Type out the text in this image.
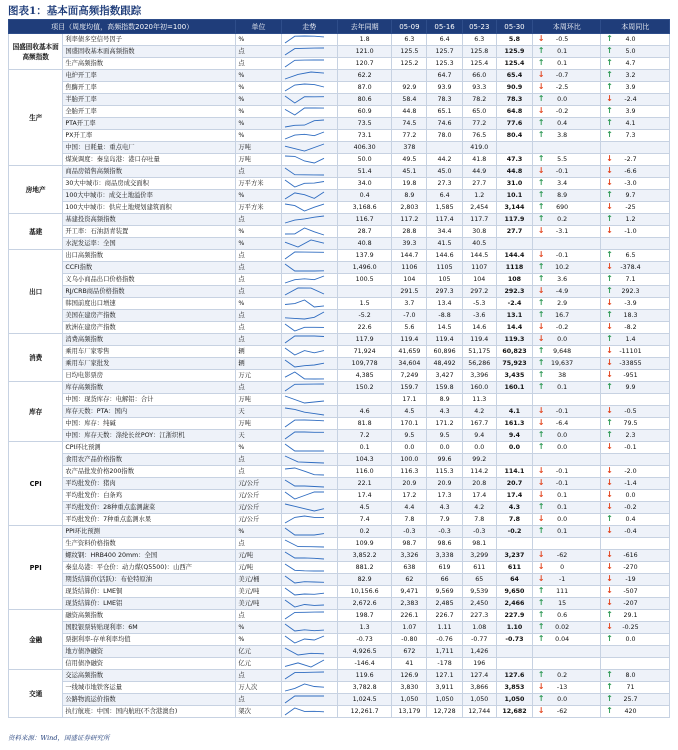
图表1：基本面高频指数跟踪
项目（周度均值，高频指数2020年初=100）		单位	走势	去年同期	05-09	05-16	05-23	05-30	本周环比	本周同比
国盛固收基本面
高频指数	利率债多空信号因子	%		1.8	6.3	6.4	6.3	5.8	↓ -0.5	↑ 4.0
	国盛固收基本面高频指数	点		121.0	125.5	125.7	125.8	125.9	↑ 0.1	↑ 5.0
	生产高频指数	点		120.7	125.2	125.3	125.4	125.4	↑ 0.1	↑ 4.7
生产	电炉开工率	%		62.2		64.7	66.0	65.4	↓ -0.7	↑ 3.2
	焦酶开工率	%		87.0	92.9	93.9	93.3	90.9	↓ -2.5	↑ 3.9
	半胎开工率	%		80.6	58.4	78.3	78.2	78.3	↑ 0.0	↓ -2.4
	全胎开工率	%		60.9	44.8	65.1	65.0	64.8	↓ -0.2	↑ 3.9
	PTA开工率	%		73.5	74.5	74.6	77.2	77.6	↑ 0.4	↑ 4.1
	PX开工率	%		73.1	77.2	78.0	76.5	80.4	↑ 3.8	↑ 7.3
	中国：日耗量：重点电厂	万吨		406.30	378		419.0			
	煤炭调度：秦皇岛港：港口存吐量	万吨		50.0	49.5	44.2	41.8	47.3	↑ 5.5	↓ -2.7
房地产	商品房销售高频指数	点		51.4	45.1	45.0	44.9	44.8	↓ -0.1	↓ -6.6
	30大中城市：商品房成交面积	万平方米		34.0	19.8	27.3	27.7	31.0	↑ 3.4	↓ -3.0
	100大中城市：成交土地溢价率	%		0.4	8.9	6.4	1.2	10.1	↑ 8.9	↑ 9.7
	100大中城市：供应土地规划建筑面积	万平方米		3,168.6	2,803	1,585	2,454	3,144	↑ 690	↓ -25
基建	基建投资高频指数	点		116.7	117.2	117.4	117.7	117.9	↑ 0.2	↑ 1.2
	开工率：石油沥青装置	%		28.7	28.8	34.4	30.8	27.7	↓ -3.1	↓ -1.0
	水泥发运率：全国	%		40.8	39.3	41.5	40.5			
出口	出口高频指数	点		137.9	144.7	144.6	144.5	144.4	↓ -0.1	↑ 6.5
	CCFI指数	点		1,496.0	1106	1105	1107	1118	↑ 10.2	↓ -378.4
	义乌小商品出口价格指数	点		100.5	104	105	104	108	↑ 3.6	↑ 7.1
	RJ/CRB商品价格指数	点			291.5	297.3	297.2	292.3	↓ -4.9	↑ 292.3
	韩国前度出口增速	%		1.5	3.7	13.4	-5.3	-2.4	↑ 2.9	↓ -3.9
	美国在建房产指数	点		-5.2	-7.0	-8.8	-3.6	13.1	↑ 16.7	↑ 18.3
	欧洲在建房产指数	点		22.6	5.6	14.5	14.6	14.4	↓ -0.2	↓ -8.2
消费	消费高频指数	点		117.9	119.4	119.4	119.4	119.3	↓ 0.0	↑ 1.4
	乘用车厂家零售	辆		71,924	41,659	60,896	51,175	60,823	↑ 9,648	↓ -11101
	乘用车厂家批发	辆		109,778	34,604	48,492	56,286	75,923	↑ 19,637	↓ -33855
	日均电影票房	万元		4,385	7,249	3,427	3,396	3,435	↑ 38	↓ -951
库存	库存高频指数	点		150.2	159.7	159.8	160.0	160.1	↑ 0.1	↑ 9.9
	中国：现货库存：电解铝：合计	万吨			17.1	8.9	11.3			
	库存天数：PTA：国内	天		4.6	4.5	4.3	4.2	4.1	↓ -0.1	↓ -0.5
	中国：库存：纯碱	万吨		81.8	170.1	171.2	167.7	161.3	↓ -6.4	↑ 79.5
	中国：库存天数：涤纶长丝POY：江浙织机	天		7.2	9.5	9.5	9.4	9.4	↑ 0.0	↑ 2.3
CPI	CPI环比预测	%		0.1	0.0	0.0	0.0	0.0	↑ 0.0	↓ -0.1
	食用农产品价格指数	点		104.3	100.0	99.6	99.2			
	农产品批发价格200指数	点		116.0	116.3	115.3	114.2	114.1	↓ -0.1	↓ -2.0
	平均批发价：猪肉	元/公斤		22.1	20.9	20.9	20.8	20.7	↓ -0.1	↓ -1.4
	平均批发价：白条鸡	元/公斤		17.4	17.2	17.3	17.4	17.4	↓ 0.1	↓ 0.0
	平均批发价：28种重点监测蔬菜	元/公斤		4.5	4.4	4.3	4.2	4.3	↑ 0.1	↓ -0.2
	平均批发价：7种重点监测水果	元/公斤		7.4	7.8	7.9	7.8	7.8	↓ 0.0	↑ 0.4
PPI	PPI环比预测	%		0.2	-0.3	-0.3	-0.3	-0.2	↑ 0.1	↓ -0.4
	生产资料价格指数	点		109.9	98.7	98.6	98.1			
	螺纹钢：HRB400 20mm：全国	元/吨		3,852.2	3,326	3,338	3,299	3,237	↓ -62	↓ -616
	秦皇岛港：平仓价：动力煤(Q5500)：山西产	元/吨		881.2	638	619	611	611	↓ 0	↓ -270
	期货结算价(活跃)：布伦特原油	美元/桶		82.9	62	66	65	64	↓ -1	↓ -19
	现货结算价：LME铜	美元/吨		10,156.6	9,471	9,569	9,539	9,650	↑ 111	↓ -507
	现货结算价：LME铝	美元/吨		2,672.6	2,383	2,485	2,450	2,466	↑ 15	↓ -207
金融	融资高频指数	点		198.7	226.1	226.7	227.3	227.9	↑ 0.6	↑ 29.1
	国股银票转贴现利率：6M	%		1.3	1.07	1.11	1.08	1.10	↑ 0.02	↓ -0.25
	票据利率-存单利率均值	%		-0.73	-0.80	-0.76	-0.77	-0.73	↑ 0.04	↑ 0.0
	地方债净融资	亿元		4,926.5	672	1,711	1,426			
	信用债净融资	亿元		-146.4	41	-178	196			
交通	交运高频指数	点		119.6	126.9	127.1	127.4	127.6	↑ 0.2	↑ 8.0
	一线城市地铁客运量	万人次		3,782.8	3,830	3,911	3,866	3,853	↓ -13	↑ 71
	公路物流运价指数	点		1,024.5	1,050	1,050	1,050	1,050	↑ 0.0	↑ 25.7
	执行航班：中国：国内航班(不含港澳台)	架次		12,261.7	13,179	12,728	12,744	12,682	↓ -62	↑ 420
资料来源：Wind，国盛证券研究所
